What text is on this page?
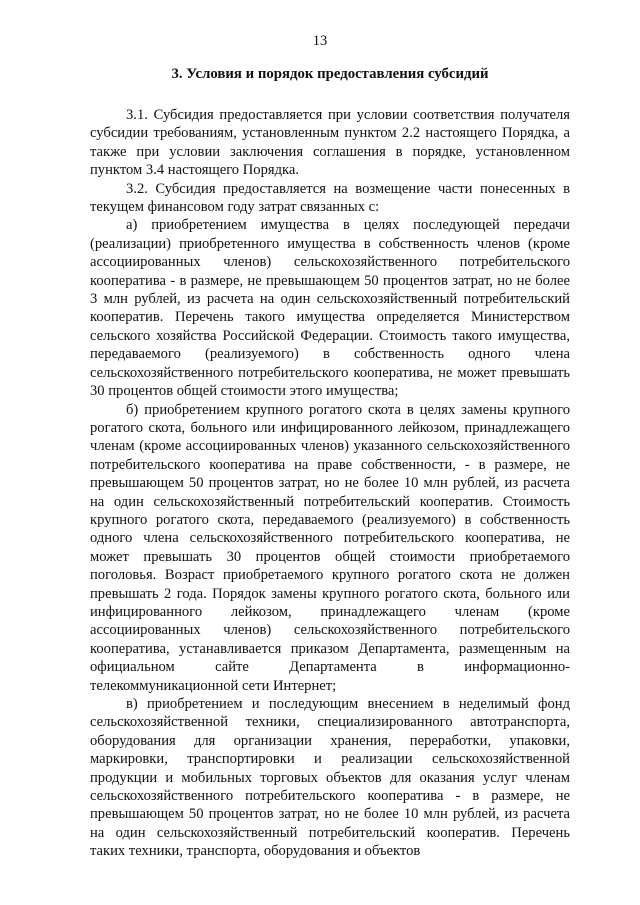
13
3. Условия и порядок предоставления субсидий

3.1. Субсидия предоставляется при условии соответствия получателя субсидии требованиям, установленным пунктом 2.2 настоящего Порядка, а также при условии заключения соглашения в порядке, установленном пунктом 3.4 настоящего Порядка.

3.2. Субсидия предоставляется на возмещение части понесенных в текущем финансовом году затрат связанных с:

а) приобретением имущества в целях последующей передачи (реализации) приобретенного имущества в собственность членов (кроме ассоциированных членов) сельскохозяйственного потребительского кооператива - в размере, не превышающем 50 процентов затрат, но не более 3 млн рублей, из расчета на один сельскохозяйственный потребительский кооператив. Перечень такого имущества определяется Министерством сельского хозяйства Российской Федерации. Стоимость такого имущества, передаваемого (реализуемого) в собственность одного члена сельскохозяйственного потребительского кооператива, не может превышать 30 процентов общей стоимости этого имущества;

б) приобретением крупного рогатого скота в целях замены крупного рогатого скота, больного или инфицированного лейкозом, принадлежащего членам (кроме ассоциированных членов) указанного сельскохозяйственного потребительского кооператива на праве собственности, - в размере, не превышающем 50 процентов затрат, но не более 10 млн рублей, из расчета на один сельскохозяйственный потребительский кооператив. Стоимость крупного рогатого скота, передаваемого (реализуемого) в собственность одного члена сельскохозяйственного потребительского кооператива, не может превышать 30 процентов общей стоимости приобретаемого поголовья. Возраст приобретаемого крупного рогатого скота не должен превышать 2 года. Порядок замены крупного рогатого скота, больного или инфицированного лейкозом, принадлежащего членам (кроме ассоциированных членов) сельскохозяйственного потребительского кооператива, устанавливается приказом Департамента, размещенным на официальном сайте Департамента в информационно-телекоммуникационной сети Интернет;

в) приобретением и последующим внесением в неделимый фонд сельскохозяйственной техники, специализированного автотранспорта, оборудования для организации хранения, переработки, упаковки, маркировки, транспортировки и реализации сельскохозяйственной продукции и мобильных торговых объектов для оказания услуг членам сельскохозяйственного потребительского кооператива - в размере, не превышающем 50 процентов затрат, но не более 10 млн рублей, из расчета на один сельскохозяйственный потребительский кооператив. Перечень таких техники, транспорта, оборудования и объектов
